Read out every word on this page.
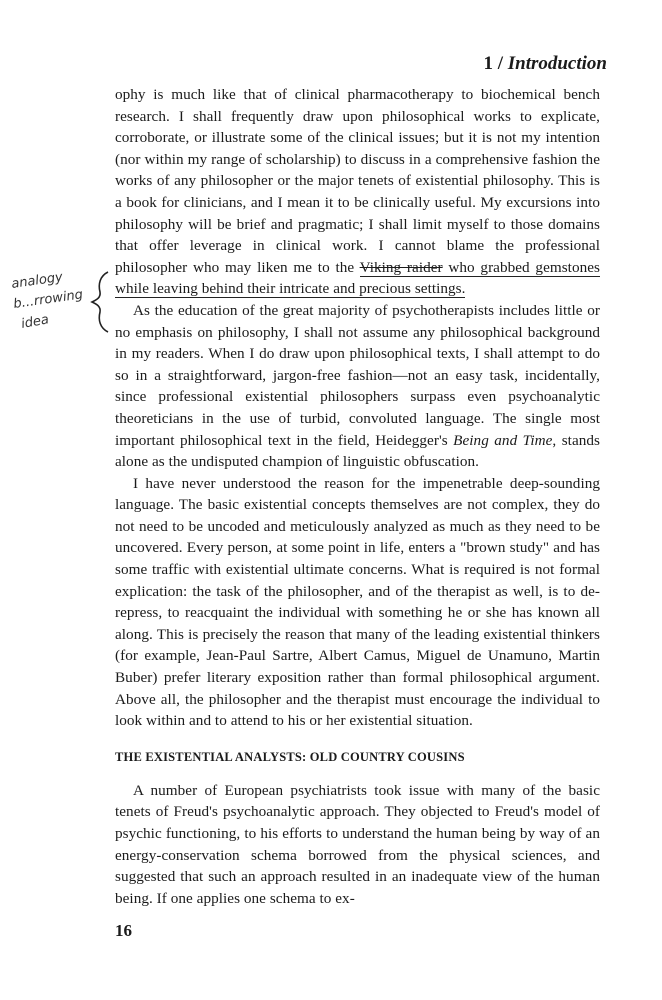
1 / Introduction
analogy
b...rrowing
idea

ophy is much like that of clinical pharmacotherapy to biochemical bench research. I shall frequently draw upon philosophical works to explicate, corroborate, or illustrate some of the clinical issues; but it is not my intention (nor within my range of scholarship) to discuss in a comprehensive fashion the works of any philosopher or the major tenets of existential philosophy. This is a book for clinicians, and I mean it to be clinically useful. My excursions into philosophy will be brief and pragmatic; I shall limit myself to those domains that offer leverage in clinical work. I cannot blame the professional philosopher who may liken me to the Viking raider who grabbed gemstones while leaving behind their intricate and precious settings.

As the education of the great majority of psychotherapists includes little or no emphasis on philosophy, I shall not assume any philosophical background in my readers. When I do draw upon philosophical texts, I shall attempt to do so in a straightforward, jargon-free fashion—not an easy task, incidentally, since professional existential philosophers surpass even psychoanalytic theoreticians in the use of turbid, convoluted language. The single most important philosophical text in the field, Heidegger's Being and Time, stands alone as the undisputed champion of linguistic obfuscation.

I have never understood the reason for the impenetrable deep-sounding language. The basic existential concepts themselves are not complex, they do not need to be uncoded and meticulously analyzed as much as they need to be uncovered. Every person, at some point in life, enters a "brown study" and has some traffic with existential ultimate concerns. What is required is not formal explication: the task of the philosopher, and of the therapist as well, is to de-repress, to reacquaint the individual with something he or she has known all along. This is precisely the reason that many of the leading existential thinkers (for example, Jean-Paul Sartre, Albert Camus, Miguel de Unamuno, Martin Buber) prefer literary exposition rather than formal philosophical argument. Above all, the philosopher and the therapist must encourage the individual to look within and to attend to his or her existential situation.

THE EXISTENTIAL ANALYSTS: OLD COUNTRY COUSINS

A number of European psychiatrists took issue with many of the basic tenets of Freud's psychoanalytic approach. They objected to Freud's model of psychic functioning, to his efforts to understand the human being by way of an energy-conservation schema borrowed from the physical sciences, and suggested that such an approach resulted in an inadequate view of the human being. If one applies one schema to ex-

16
